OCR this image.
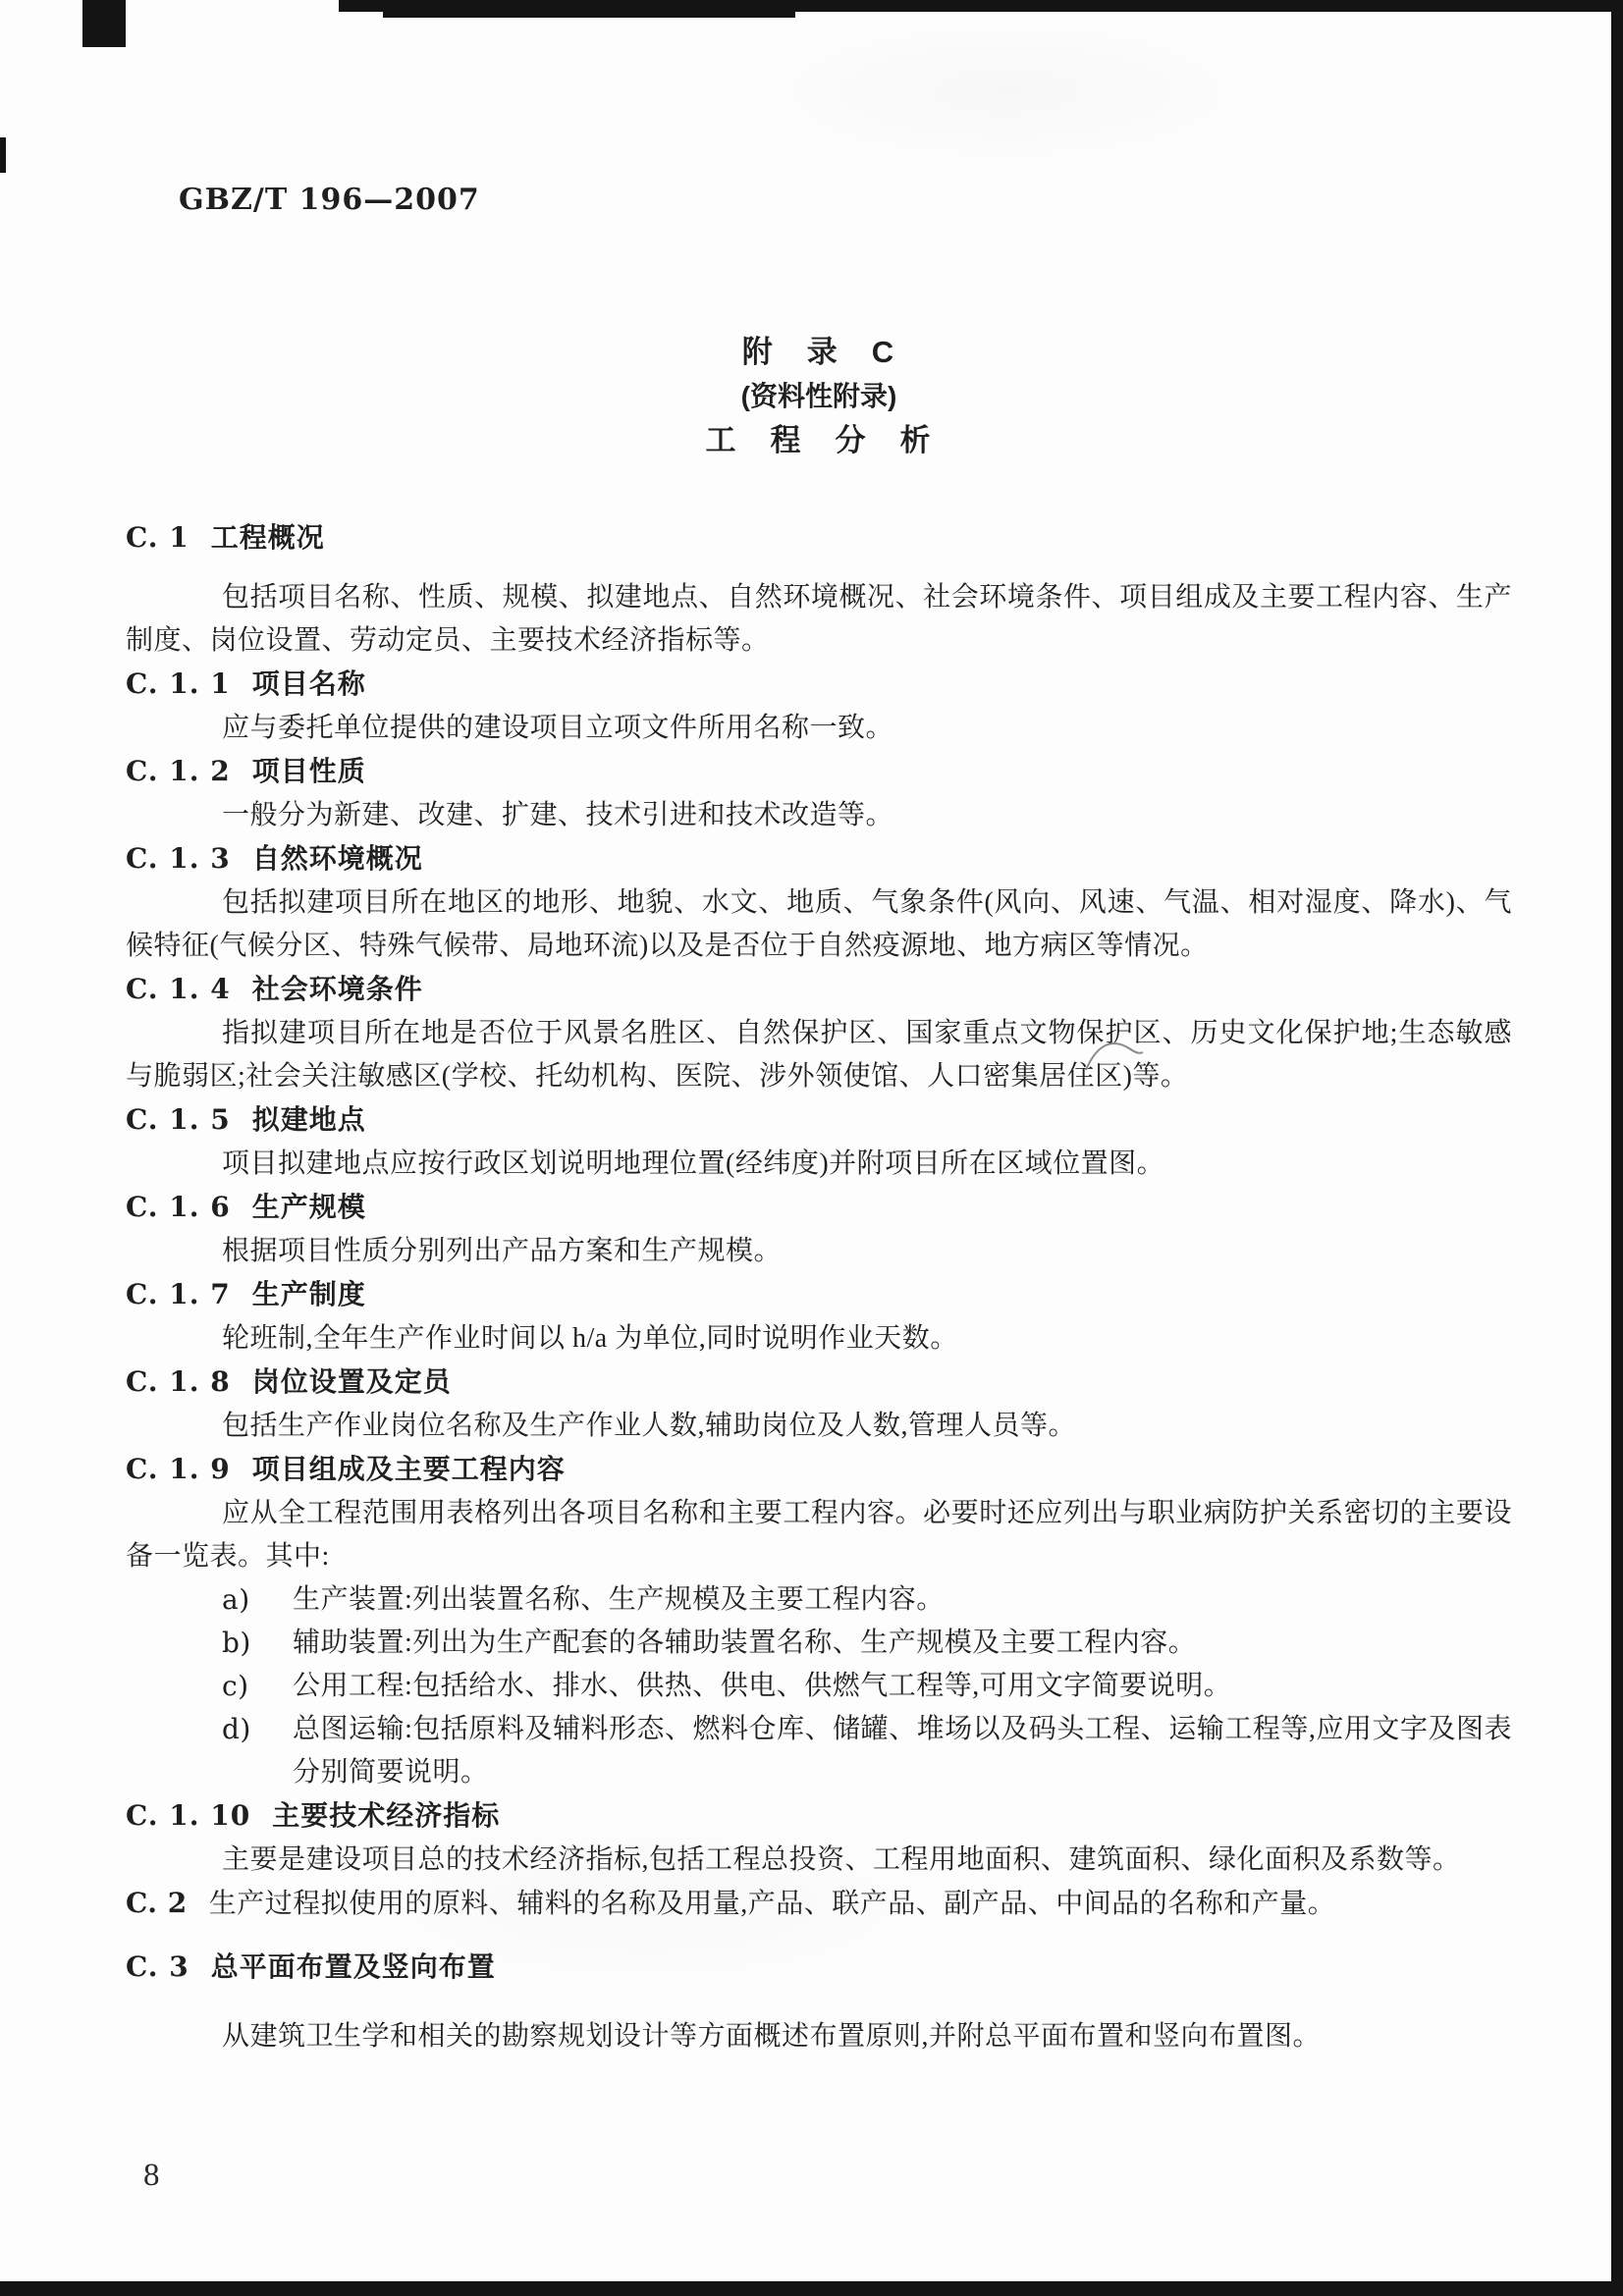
GBZ/T 196—2007
附　录　C
(资料性附录)
工　程　分　析
C. 1 工程概况

包括项目名称、性质、规模、拟建地点、自然环境概况、社会环境条件、项目组成及主要工程内容、生产制度、岗位设置、劳动定员、主要技术经济指标等。

C. 1. 1 项目名称

应与委托单位提供的建设项目立项文件所用名称一致。

C. 1. 2 项目性质

一般分为新建、改建、扩建、技术引进和技术改造等。

C. 1. 3 自然环境概况

包括拟建项目所在地区的地形、地貌、水文、地质、气象条件(风向、风速、气温、相对湿度、降水)、气候特征(气候分区、特殊气候带、局地环流)以及是否位于自然疫源地、地方病区等情况。

C. 1. 4 社会环境条件

指拟建项目所在地是否位于风景名胜区、自然保护区、国家重点文物保护区、历史文化保护地;生态敏感与脆弱区;社会关注敏感区(学校、托幼机构、医院、涉外领使馆、人口密集居住区)等。

C. 1. 5 拟建地点

项目拟建地点应按行政区划说明地理位置(经纬度)并附项目所在区域位置图。

C. 1. 6 生产规模

根据项目性质分别列出产品方案和生产规模。

C. 1. 7 生产制度

轮班制,全年生产作业时间以 h/a 为单位,同时说明作业天数。

C. 1. 8 岗位设置及定员

包括生产作业岗位名称及生产作业人数,辅助岗位及人数,管理人员等。

C. 1. 9 项目组成及主要工程内容

应从全工程范围用表格列出各项目名称和主要工程内容。必要时还应列出与职业病防护关系密切的主要设备一览表。其中:

a) 生产装置:列出装置名称、生产规模及主要工程内容。
b) 辅助装置:列出为生产配套的各辅助装置名称、生产规模及主要工程内容。
c) 公用工程:包括给水、排水、供热、供电、供燃气工程等,可用文字简要说明。
d) 总图运输:包括原料及辅料形态、燃料仓库、储罐、堆场以及码头工程、运输工程等,应用文字及图表分别简要说明。
C. 1. 10 主要技术经济指标

主要是建设项目总的技术经济指标,包括工程总投资、工程用地面积、建筑面积、绿化面积及系数等。

C. 2 生产过程拟使用的原料、辅料的名称及用量,产品、联产品、副产品、中间品的名称和产量。

C. 3 总平面布置及竖向布置

从建筑卫生学和相关的勘察规划设计等方面概述布置原则,并附总平面布置和竖向布置图。

8
